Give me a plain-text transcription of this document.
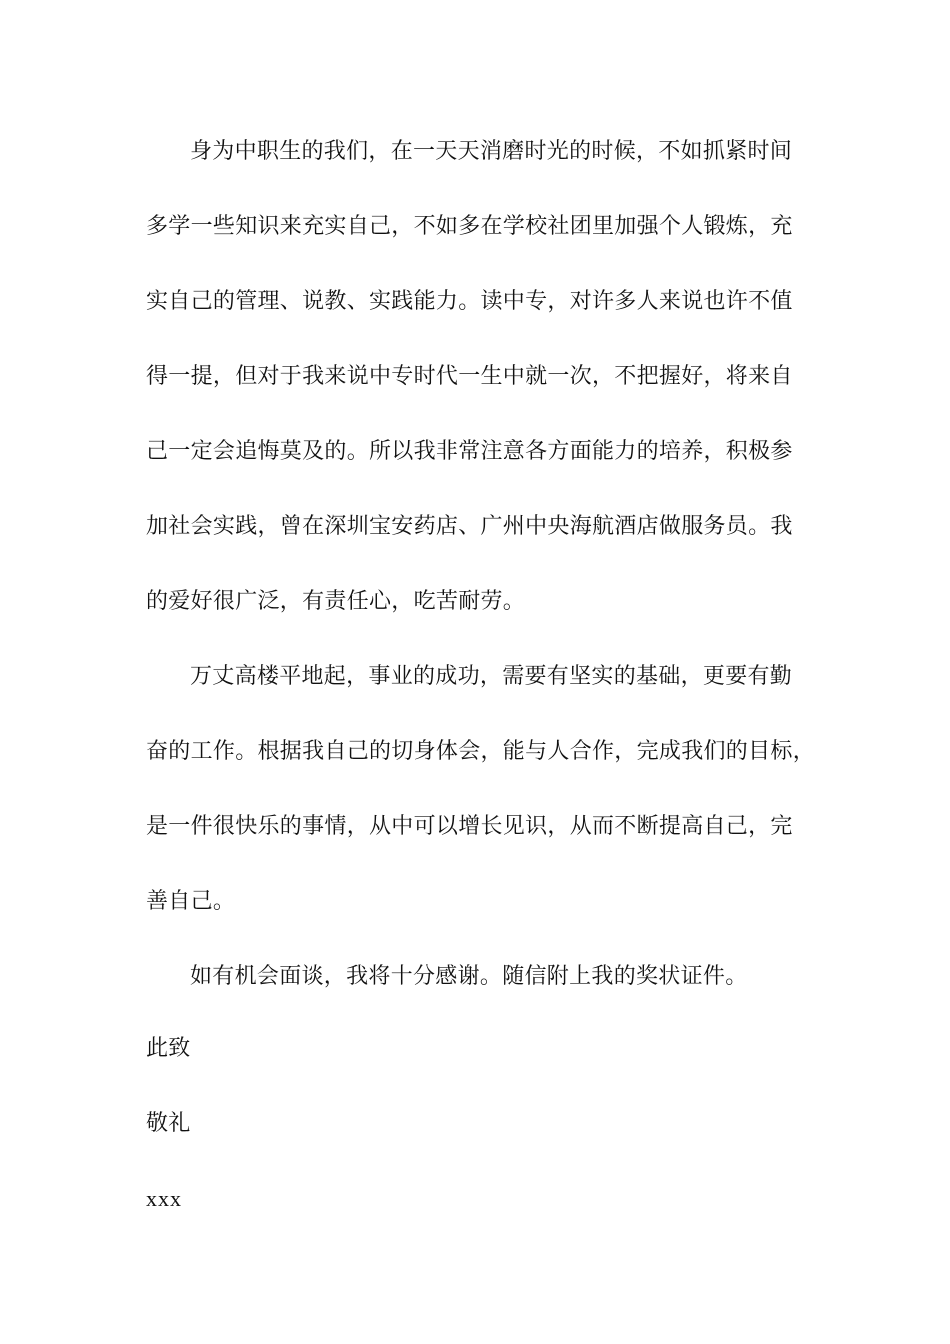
身为中职生的我们，在一天天消磨时光的时候，不如抓紧时间
多学一些知识来充实自己，不如多在学校社团里加强个人锻炼，充
实自己的管理、说教、实践能力。读中专，对许多人来说也许不值
得一提，但对于我来说中专时代一生中就一次，不把握好，将来自
己一定会追悔莫及的。所以我非常注意各方面能力的培养，积极参
加社会实践，曾在深圳宝安药店、广州中央海航酒店做服务员。我
的爱好很广泛，有责任心，吃苦耐劳。
万丈高楼平地起，事业的成功，需要有坚实的基础，更要有勤
奋的工作。根据我自己的切身体会，能与人合作，完成我们的目标，
是一件很快乐的事情，从中可以增长见识，从而不断提高自己，完
善自己。
如有机会面谈，我将十分感谢。随信附上我的奖状证件。
此致
敬礼
xxx
